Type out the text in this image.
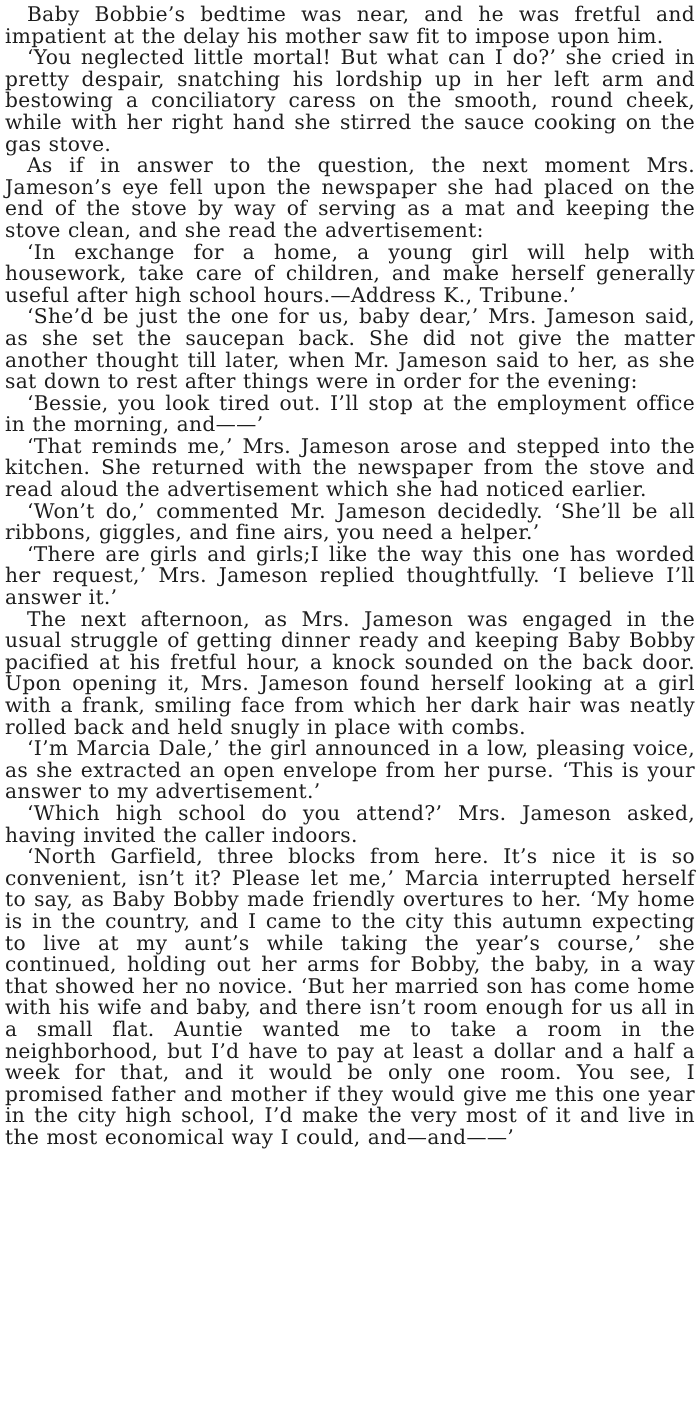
Baby Bobbie’s bedtime was near, and he was fretful and impatient at the delay his mother saw fit to impose upon him.

‘You neglected little mortal! But what can I do?’ she cried in pretty despair, snatching his lordship up in her left arm and bestowing a conciliatory caress on the smooth, round cheek, while with her right hand she stirred the sauce cooking on the gas stove.

As if in answer to the question, the next moment Mrs. Jameson’s eye fell upon the newspaper she had placed on the end of the stove by way of serving as a mat and keeping the stove clean, and she read the advertisement:

‘In exchange for a home, a young girl will help with housework, take care of children, and make herself generally useful after high school hours.—Address K., Tribune.’

‘She’d be just the one for us, baby dear,’ Mrs. Jameson said, as she set the saucepan back. She did not give the matter another thought till later, when Mr. Jameson said to her, as she sat down to rest after things were in order for the evening:

‘Bessie, you look tired out. I’ll stop at the employment office in the morning, and——’

‘That reminds me,’ Mrs. Jameson arose and stepped into the kitchen. She returned with the newspaper from the stove and read aloud the advertisement which she had noticed earlier.

‘Won’t do,’ commented Mr. Jameson decidedly. ‘She’ll be all ribbons, giggles, and fine airs, you need a helper.’

‘There are girls and girls;I like the way this one has worded her request,’ Mrs. Jameson replied thoughtfully. ‘I believe I’ll answer it.’

The next afternoon, as Mrs. Jameson was engaged in the usual struggle of getting dinner ready and keeping Baby Bobby pacified at his fretful hour, a knock sounded on the back door. Upon opening it, Mrs. Jameson found herself looking at a girl with a frank, smiling face from which her dark hair was neatly rolled back and held snugly in place with combs.

‘I’m Marcia Dale,’ the girl announced in a low, pleasing voice, as she extracted an open envelope from her purse. ‘This is your answer to my advertisement.’

‘Which high school do you attend?’ Mrs. Jameson asked, having invited the caller indoors.

‘North Garfield, three blocks from here. It’s nice it is so convenient, isn’t it? Please let me,’ Marcia interrupted herself to say, as Baby Bobby made friendly overtures to her. ‘My home is in the country, and I came to the city this autumn expecting to live at my aunt’s while taking the year’s course,’ she continued, holding out her arms for Bobby, the baby, in a way that showed her no novice. ‘But her married son has come home with his wife and baby, and there isn’t room enough for us all in a small flat. Auntie wanted me to take a room in the neighborhood, but I’d have to pay at least a dollar and a half a week for that, and it would be only one room. You see, I promised father and mother if they would give me this one year in the city high school, I’d make the very most of it and live in the most economical way I could, and—and——’
